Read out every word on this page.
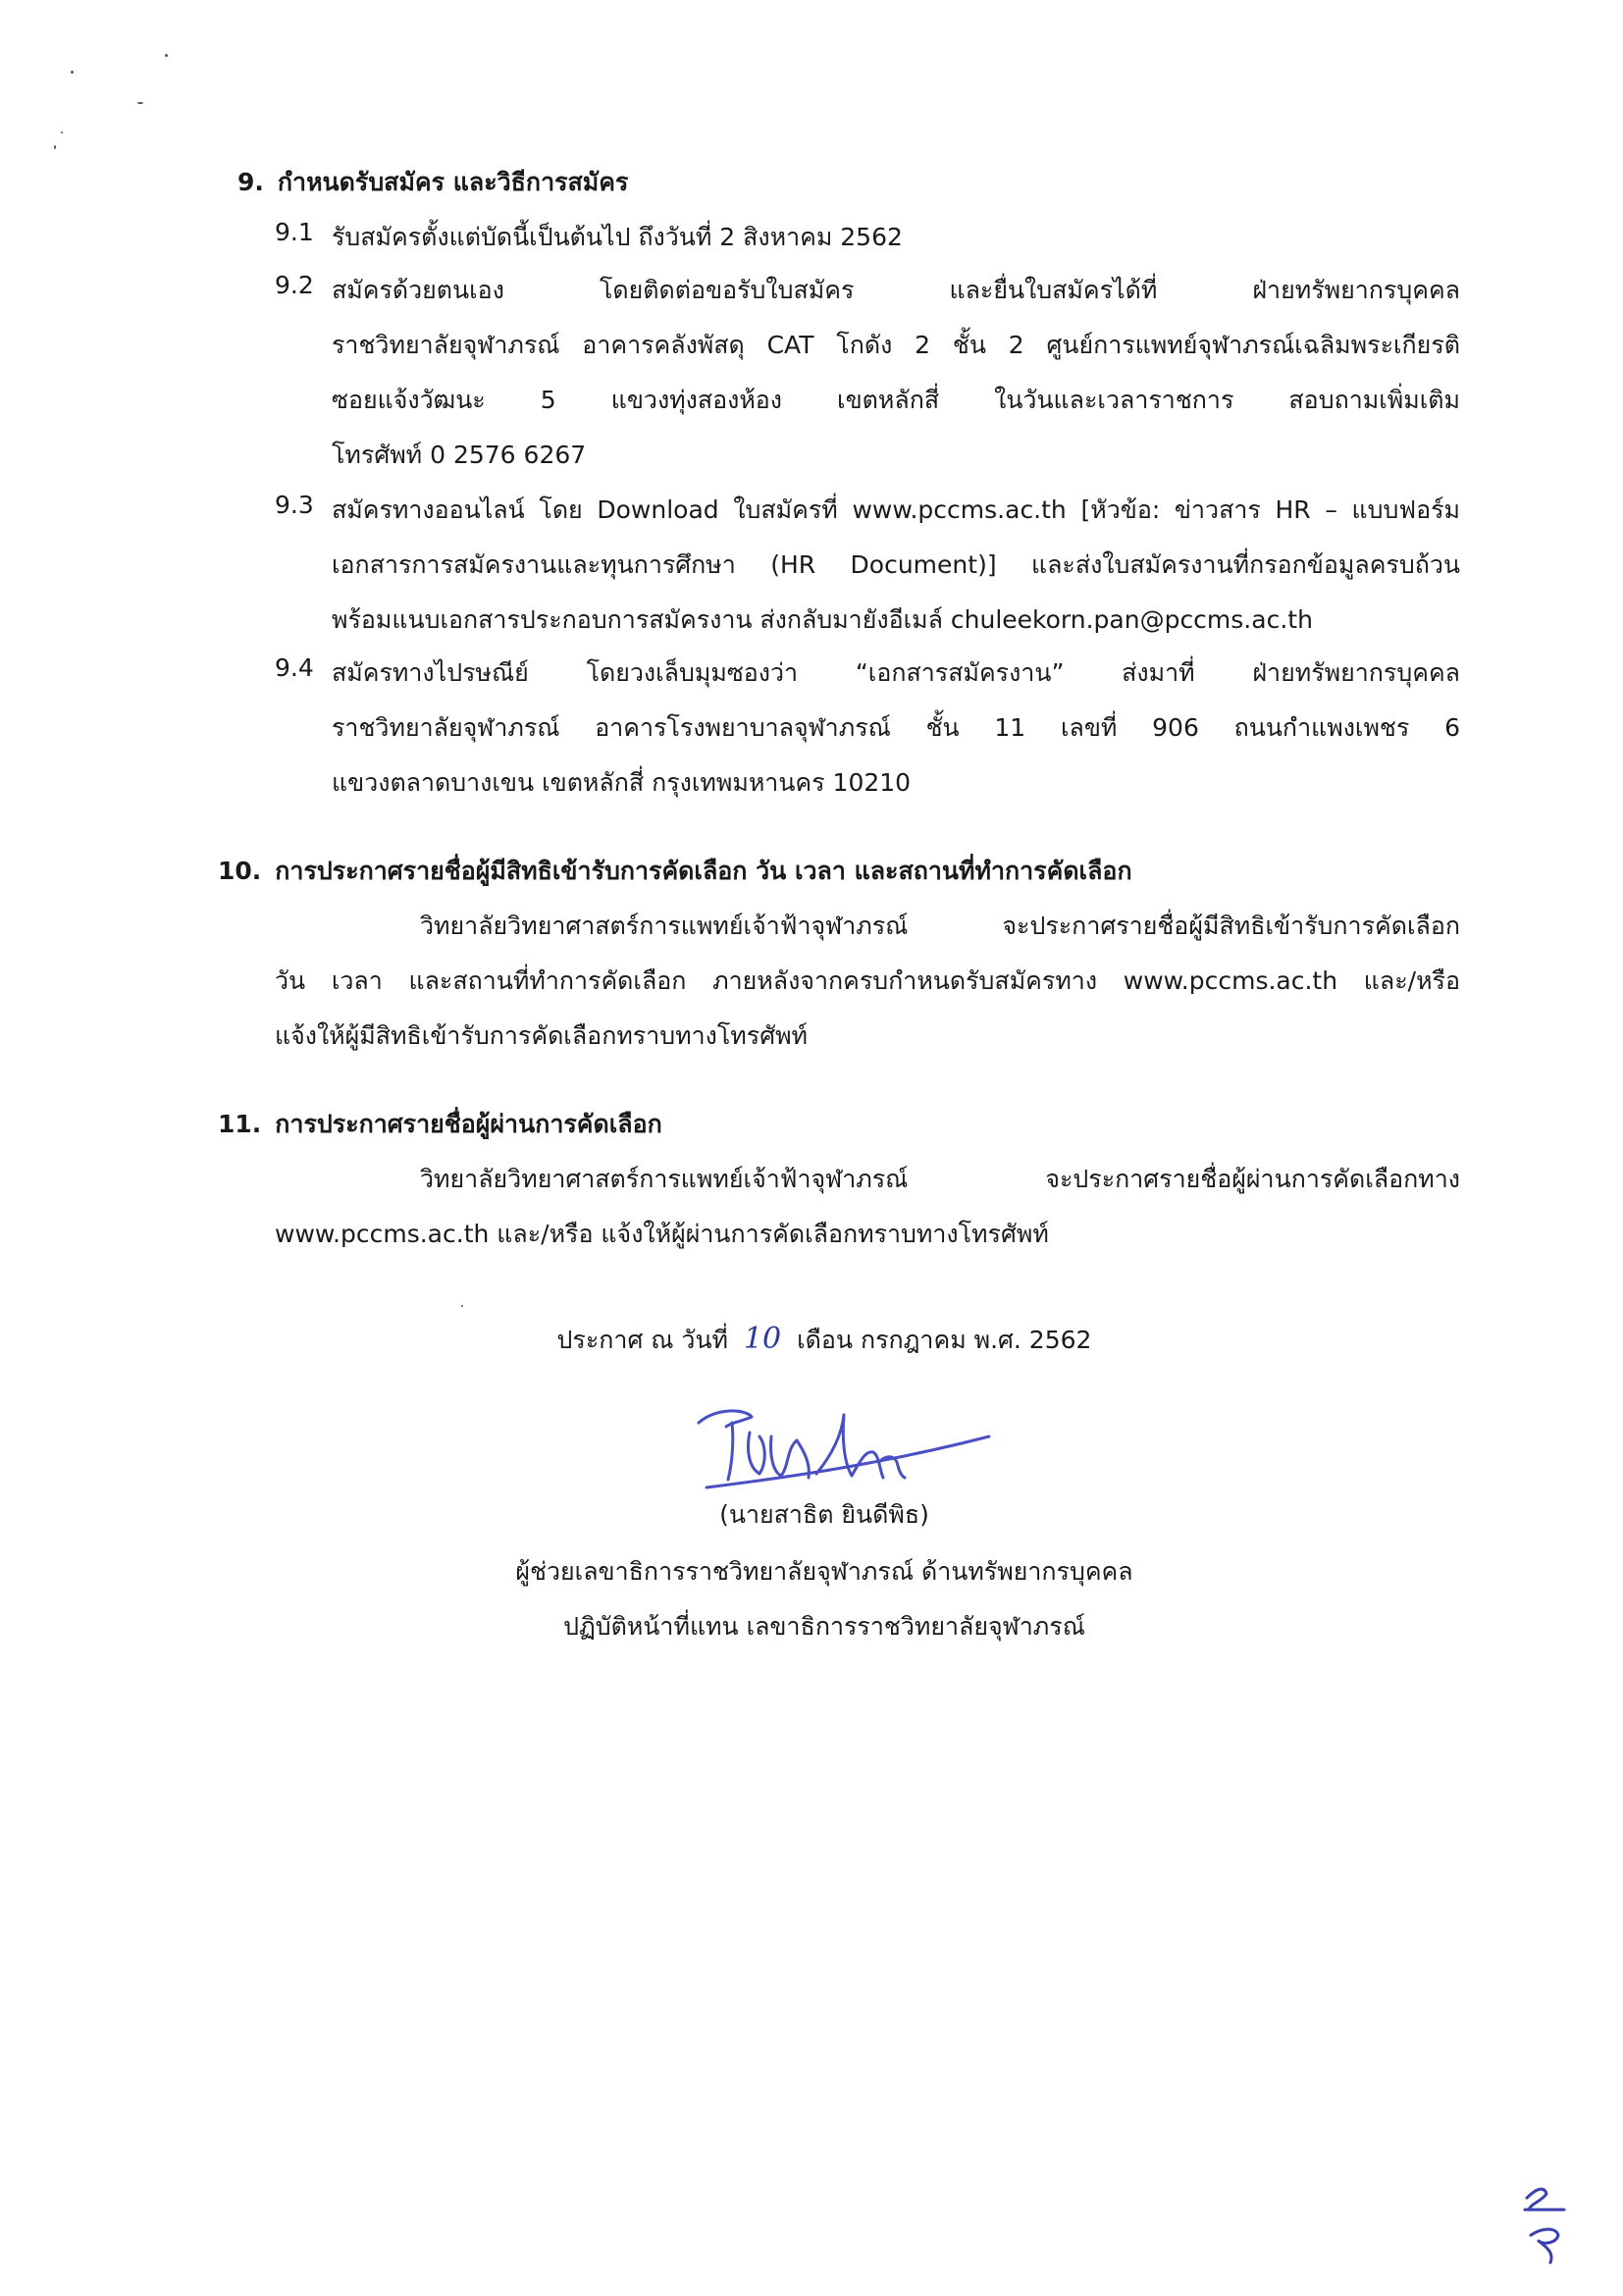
9. กำหนดรับสมัคร และวิธีการสมัคร
9.1 รับสมัครตั้งแต่บัดนี้เป็นต้นไป ถึงวันที่ 2 สิงหาคม 2562
9.2 สมัครด้วยตนเอง โดยติดต่อขอรับใบสมัคร และยื่นใบสมัครได้ที่ ฝ่ายทรัพยากรบุคคล
ราชวิทยาลัยจุฬาภรณ์ อาคารคลังพัสดุ CAT โกดัง 2 ชั้น 2 ศูนย์การแพทย์จุฬาภรณ์เฉลิมพระเกียรติ
ซอยแจ้งวัฒนะ 5 แขวงทุ่งสองห้อง เขตหลักสี่ ในวันและเวลาราชการ สอบถามเพิ่มเติม
โทรศัพท์ 0 2576 6267
9.3 สมัครทางออนไลน์ โดย Download ใบสมัครที่ www.pccms.ac.th [หัวข้อ: ข่าวสาร HR – แบบฟอร์ม
เอกสารการสมัครงานและทุนการศึกษา (HR Document)] และส่งใบสมัครงานที่กรอกข้อมูลครบถ้วน
พร้อมแนบเอกสารประกอบการสมัครงาน ส่งกลับมายังอีเมล์ chuleekorn.pan@pccms.ac.th
9.4 สมัครทางไปรษณีย์ โดยวงเล็บมุมซองว่า “เอกสารสมัครงาน” ส่งมาที่ ฝ่ายทรัพยากรบุคคล
ราชวิทยาลัยจุฬาภรณ์ อาคารโรงพยาบาลจุฬาภรณ์ ชั้น 11 เลขที่ 906 ถนนกำแพงเพชร 6
แขวงตลาดบางเขน เขตหลักสี่ กรุงเทพมหานคร 10210
10. การประกาศรายชื่อผู้มีสิทธิเข้ารับการคัดเลือก วัน เวลา และสถานที่ทำการคัดเลือก
วิทยาลัยวิทยาศาสตร์การแพทย์เจ้าฟ้าจุฬาภรณ์ จะประกาศรายชื่อผู้มีสิทธิเข้ารับการคัดเลือก
วัน เวลา และสถานที่ทำการคัดเลือก ภายหลังจากครบกำหนดรับสมัครทาง www.pccms.ac.th และ/หรือ
แจ้งให้ผู้มีสิทธิเข้ารับการคัดเลือกทราบทางโทรศัพท์
11. การประกาศรายชื่อผู้ผ่านการคัดเลือก
วิทยาลัยวิทยาศาสตร์การแพทย์เจ้าฟ้าจุฬาภรณ์ จะประกาศรายชื่อผู้ผ่านการคัดเลือกทาง
www.pccms.ac.th และ/หรือ แจ้งให้ผู้ผ่านการคัดเลือกทราบทางโทรศัพท์
ประกาศ ณ วันที่ 10 เดือน กรกฎาคม พ.ศ. 2562
(นายสาธิต ยินดีพิธ)
ผู้ช่วยเลขาธิการราชวิทยาลัยจุฬาภรณ์ ด้านทรัพยากรบุคคล
ปฏิบัติหน้าที่แทน เลขาธิการราชวิทยาลัยจุฬาภรณ์
